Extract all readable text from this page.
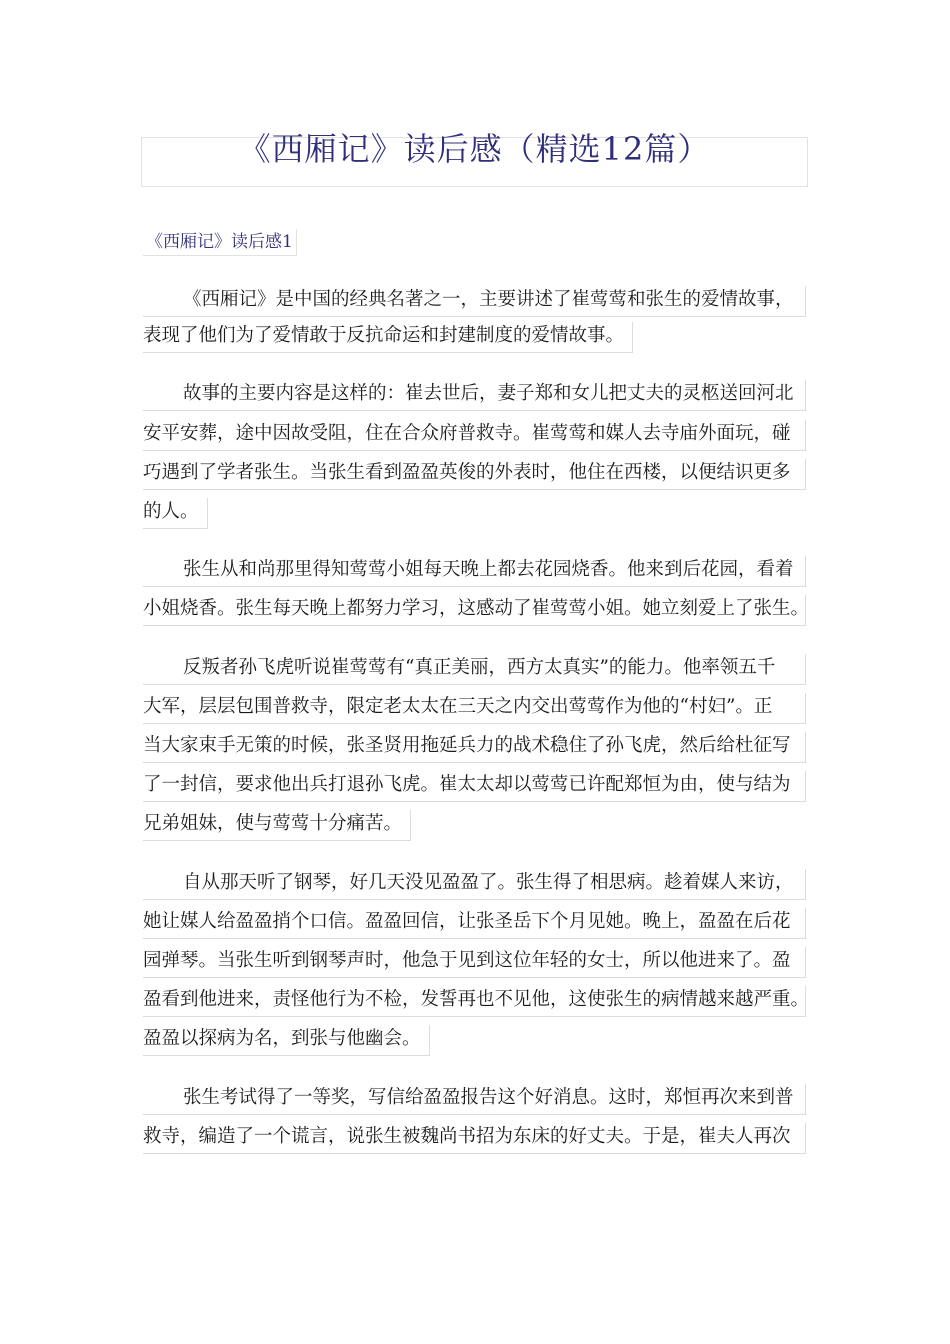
《西厢记》读后感（精选12篇）
《西厢记》读后感1
《西厢记》是中国的经典名著之一，主要讲述了崔莺莺和张生的爱情故事，
表现了他们为了爱情敢于反抗命运和封建制度的爱情故事。
故事的主要内容是这样的：崔去世后，妻子郑和女儿把丈夫的灵柩送回河北
安平安葬，途中因故受阻，住在合众府普救寺。崔莺莺和媒人去寺庙外面玩，碰
巧遇到了学者张生。当张生看到盈盈英俊的外表时，他住在西楼，以便结识更多
的人。
张生从和尚那里得知莺莺小姐每天晚上都去花园烧香。他来到后花园，看着
小姐烧香。张生每天晚上都努力学习，这感动了崔莺莺小姐。她立刻爱上了张生。
反叛者孙飞虎听说崔莺莺有“真正美丽，西方太真实”的能力。他率领五千
大军，层层包围普救寺，限定老太太在三天之内交出莺莺作为他的“村妇”。正
当大家束手无策的时候，张圣贤用拖延兵力的战术稳住了孙飞虎，然后给杜征写
了一封信，要求他出兵打退孙飞虎。崔太太却以莺莺已许配郑恒为由，使与结为
兄弟姐妹，使与莺莺十分痛苦。
自从那天听了钢琴，好几天没见盈盈了。张生得了相思病。趁着媒人来访，
她让媒人给盈盈捎个口信。盈盈回信，让张圣岳下个月见她。晚上，盈盈在后花
园弹琴。当张生听到钢琴声时，他急于见到这位年轻的女士，所以他进来了。盈
盈看到他进来，责怪他行为不检，发誓再也不见他，这使张生的病情越来越严重。
盈盈以探病为名，到张与他幽会。
张生考试得了一等奖，写信给盈盈报告这个好消息。这时，郑恒再次来到普
救寺，编造了一个谎言，说张生被魏尚书招为东床的好丈夫。于是，崔夫人再次
